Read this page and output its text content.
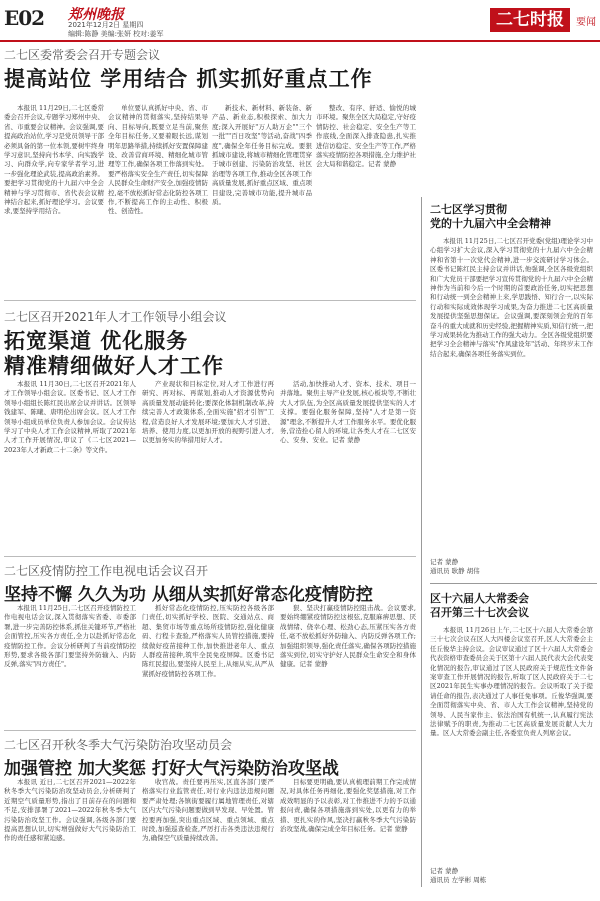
E02 郑州晚报
2021年12月2日 星期四
编辑:陈静 美编:张妍 校对:姜军
二七时报	要闻
二七区委常委会召开专题会议
提高站位 学用结合 抓实抓好重点工作
本报讯 11月29日,二七区委常委会召开会议,专题学习郑州中央、省、市重要会议精神。会议强调,要提高政治站位,学习是党员领导干部必须具备的第一位本领,要树牢终身学习意识,坚持向书本学、向实践学习、向群众学,向专家学者学习,进一步强化理论武装,提高政治素养。要把学习贯彻党的十九届六中全会精神与学习贯彻市、省代表会议精神结合起来,抓好理论学习。会议要求,要坚持学用结合。
单位要认真抓好中央、省、市会议精神的贯彻落实,坚持结果导向、目标导向,既要立足当前,聚焦全年目标任务,又要着眼长远,谋划明年思路举措,持续抓好安置保障建设、改善营商环境、精细化城市管理等工作,确保各项工作落到实处。要严格落实安全生产责任,切实保障人民群众生命财产安全,加强疫情防控,毫不放松抓好常态化防控各项工作,不断提高工作的主动性、积极性、创造性。
新技术、新材料、新装备、新产品、新业态,积极探索、加大力度;深入开展好"万人助万企""三个一批""百日攻坚"等活动,奋战"四季度",确保全年任务目标完成。要狠抓城市建设,将城市精细化管理贯穿于城市创建、污染防治攻坚、社区治理等各项工作,推动全区各项工作高质量发展,抓好重点区域、重点项目建设,完善城市功能,提升城市品质。
整改、有序、舒适、愉悦的城市环境。聚焦全区大局稳定,守好疫情防控、社会稳定、安全生产等工作底线,全面深入排查隐患,扎实推进信访稳定、安全生产等工作,严格落实疫情防控各项措施,全力维护社会大局和谐稳定。记者 蒙静
二七区召开2021年人才工作领导小组会议
拓宽渠道 优化服务
精准精细做好人才工作
本报讯 11月30日,二七区召开2021年人才工作领导小组会议。区委书记、区人才工作领导小组组长陈红民出席会议并讲话。区领导钱建军、陈曦、唐明伦出席会议。区人才工作领导小组成员单位负责人参加会议。会议传达学习了中央人才工作会议精神,听取了2021年人才工作开展情况,审议了《二七区2021—2023年人才新政二十二条》等文件。
产业现状和目标定位,对人才工作进行再研究、再对标、再谋划,推动人才资源优势向高质量发展动能转化;要深化体制机制改革,持续完善人才政策体系,全面实施"招才引智"工程,营造良好人才发展环境;要加大人才引进、培养、使用力度,以更加开放的视野引进人才,以更加务实的举措用好人才。
活动,加快推动人才、资本、技术、项目一并落地。聚焦主导产业发展,核心板块等,不断壮大人才队伍,为全区高质量发展提供坚实的人才支撑。要强化服务保障,坚持"人才是第一资源"理念,不断提升人才工作服务水平。要优化服务,营造拴心留人的环境,让各类人才在二七区安心、安身、安业。记者 蒙静
二七区疫情防控工作电视电话会议召开
坚持不懈 久久为功 从细从实抓好常态化疫情防控
本报讯 11月25日,二七区召开疫情防控工作电视电话会议,深入贯彻落实省委、市委部署,进一步完善防控体系,抓住关键环节,严格社会面管控,压实各方责任,全力以赴抓好常态化疫情防控工作。会议分析研判了当前疫情防控形势,要求各级各部门要坚持外防输入、内防反弹,落实"四方责任"。
抓好常态化疫情防控,压实防控各级各部门责任,切实抓好学校、医院、交通站点、商超、集贸市场等重点场所疫情防控,强化健康码、行程卡查验,严格落实人员管控措施,要持续做好疫苗接种工作,加快推进老年人、重点人群疫苗接种,筑牢全民免疫屏障。区委书记陈红民提出,要坚持人民至上,从细从实,从严从紧抓好疫情防控各项工作。
狠、坚决打赢疫情防控阻击战。会议要求,要始终绷紧疫情防控这根弦,克服麻痹思想、厌战情绪、侥幸心理、松劲心态,压紧压实各方责任,毫不放松抓好外防输入、内防反弹各项工作;加强组织领导,强化责任落实,确保各项防控措施落实到位,切实守护好人民群众生命安全和身体健康。记者 蒙静
二七区召开秋冬季大气污染防治攻坚动员会
加强管控 加大奖惩 打好大气污染防治攻坚战
本报讯 近日,二七区召开2021—2022年秋冬季大气污染防治攻坚动员会,分析研判了近期空气质量形势,指出了目前存在的问题和不足,安排部署了2021—2022年秋冬季大气污染防治攻坚工作。会议强调,各级各部门要提高思想认识,切实增强做好大气污染防治工作的责任感和紧迫感。
收官战。责任要再压实,区直各部门要严格落实行业监管责任,对行业内违法违规问题要严肃处理;各镇街要履行属地管理责任,对辖区内大气污染问题要做到早发现、早处置。管控要再加强,突出重点区域、重点领域、重点时段,加强巡查检查,严厉打击各类违法违规行为,确保空气质量持续改善。
目标要更明确,要认真梳理前期工作完成情况,对具体任务再细化,要强化奖惩措施,对工作成效明显的予以表彰,对工作推进不力的予以通报问责,确保各项措施落到实处,以更有力的举措、更扎实的作风,坚决打赢秋冬季大气污染防治攻坚战,确保完成全年目标任务。记者 蒙静
二七区学习贯彻
党的十九届六中全会精神
本报讯 11月25日,二七区召开党委(党组)理论学习中心组学习扩大会议,深入学习贯彻党的十九届六中全会精神和省第十一次党代会精神,进一步交流研讨学习体会。区委书记陈红民主持会议并讲话,他强调,全区各级党组织和广大党员干部要把学习宣传贯彻党的十九届六中全会精神作为当前和今后一个时期的首要政治任务,切实把思想和行动统一到全会精神上来,学思践悟、知行合一,以实际行动和实际成效体现学习成果,为奋力推进二七区高质量发展提供坚强思想保证。会议强调,要深刻领会党的百年奋斗的重大成就和历史经验,把握精神实质,知信行统一,把学习成果转化为推动工作的强大动力。全区各级党组织要把学习全会精神与落实"作风建设年"活动、年终岁末工作结合起来,确保各项任务落实到位。
记者 蒙静
通讯员 耿静 胡伟
区十六届人大常委会
召开第三十七次会议
本报讯 11月26日上午,二七区十六届人大常委会第三十七次会议在区人大四楼会议室召开,区人大常委会主任丘俊华主持会议。会议审议通过了区十六届人大常委会代表资格审查委员会关于区第十六届人民代表大会代表变化情况的报告,审议通过了区人民政府关于规范性文件备案审查工作开展情况的报告,听取了区人民政府关于二七区2021年民生实事办理情况的报告。会议听取了关于提请任命的报告,表决通过了人事任免事项。丘俊华强调,要全面贯彻落实中央、省、市人大工作会议精神,坚持党的领导、人民当家作主、依法治国有机统一,认真履行宪法法律赋予的职责,为推动二七区高质量发展贡献人大力量。区人大常委会副主任,各委室负责人列席会议。
记者 蒙静
通讯员 左学彬 周栋
